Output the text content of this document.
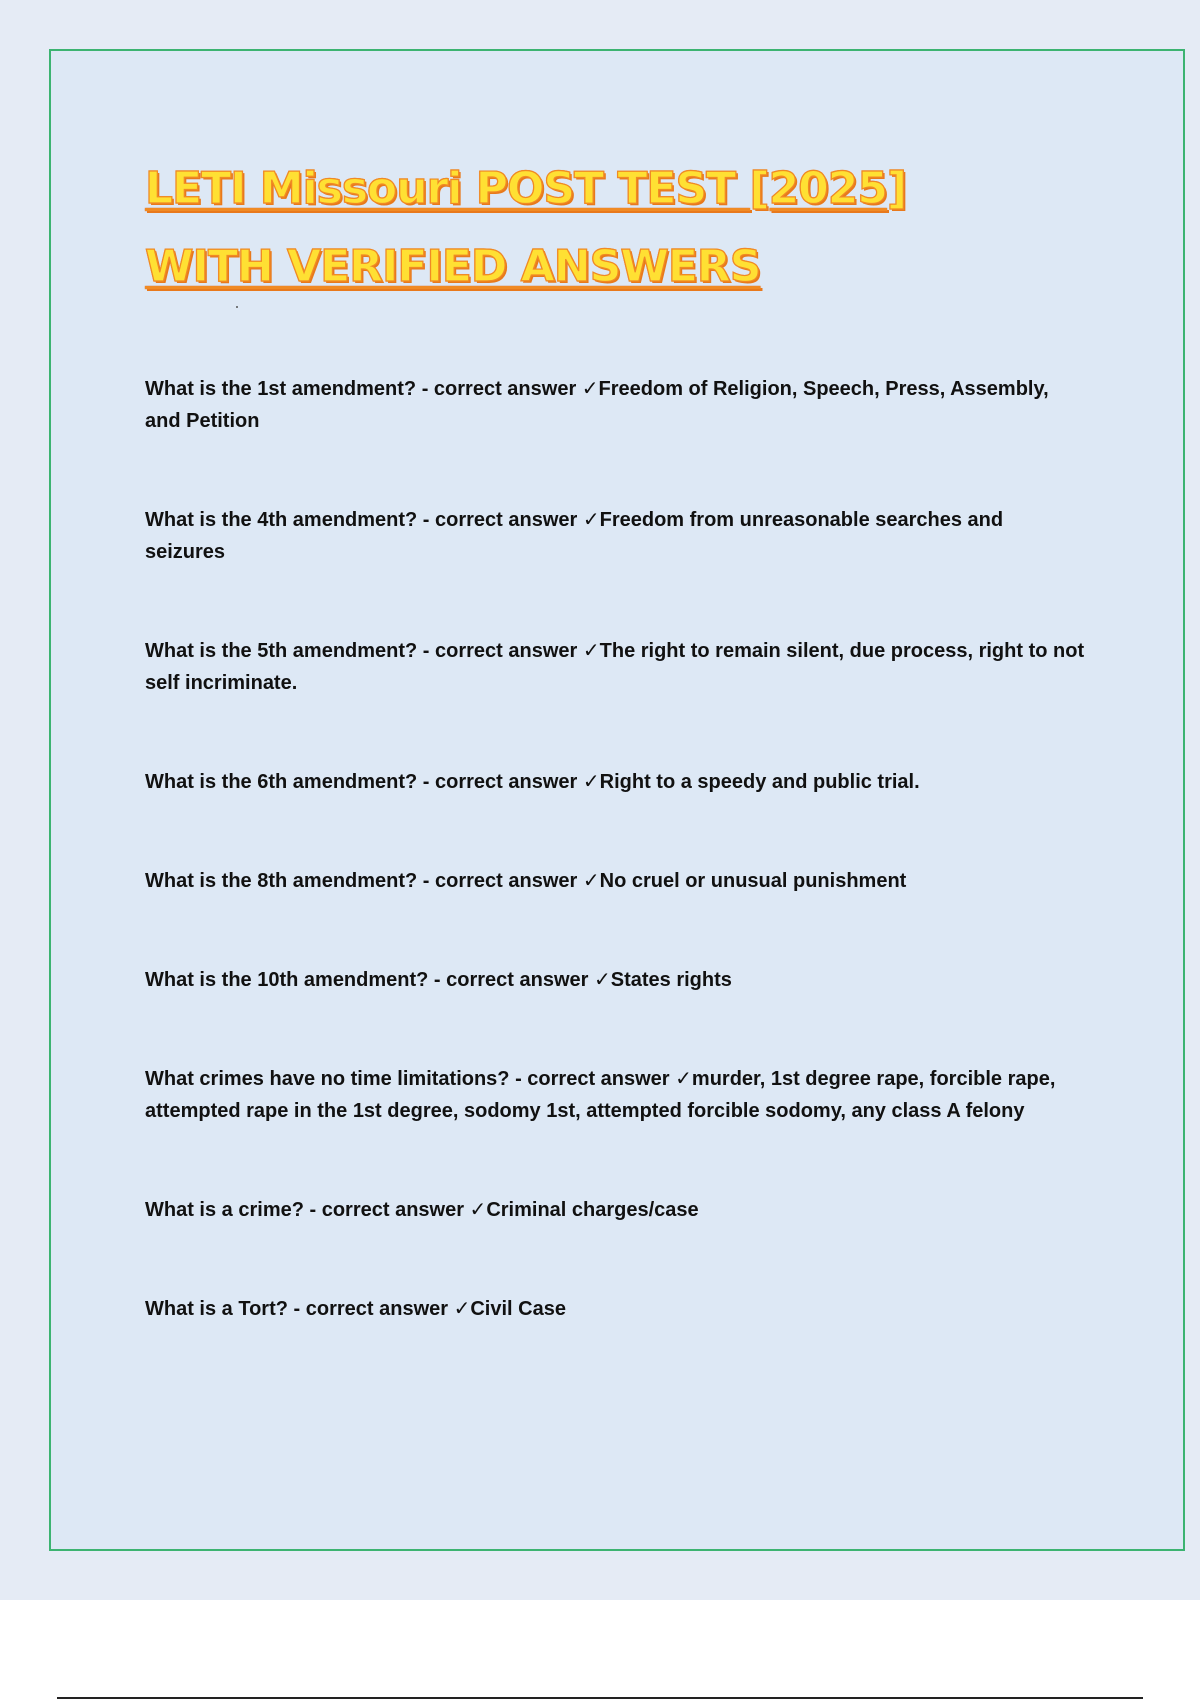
LETI Missouri POST TEST [2025] WITH VERIFIED ANSWERS
What is the 1st amendment? - correct answer ✓Freedom of Religion, Speech, Press, Assembly, and Petition
What is the 4th amendment? - correct answer ✓Freedom from unreasonable searches and seizures
What is the 5th amendment? - correct answer ✓The right to remain silent, due process, right to not self incriminate.
What is the 6th amendment? - correct answer ✓Right to a speedy and public trial.
What is the 8th amendment? - correct answer ✓No cruel or unusual punishment
What is the 10th amendment? - correct answer ✓States rights
What crimes have no time limitations? - correct answer ✓murder, 1st degree rape, forcible rape, attempted rape in the 1st degree, sodomy 1st, attempted forcible sodomy, any class A felony
What is a crime? - correct answer ✓Criminal charges/case
What is a Tort? - correct answer ✓Civil Case
